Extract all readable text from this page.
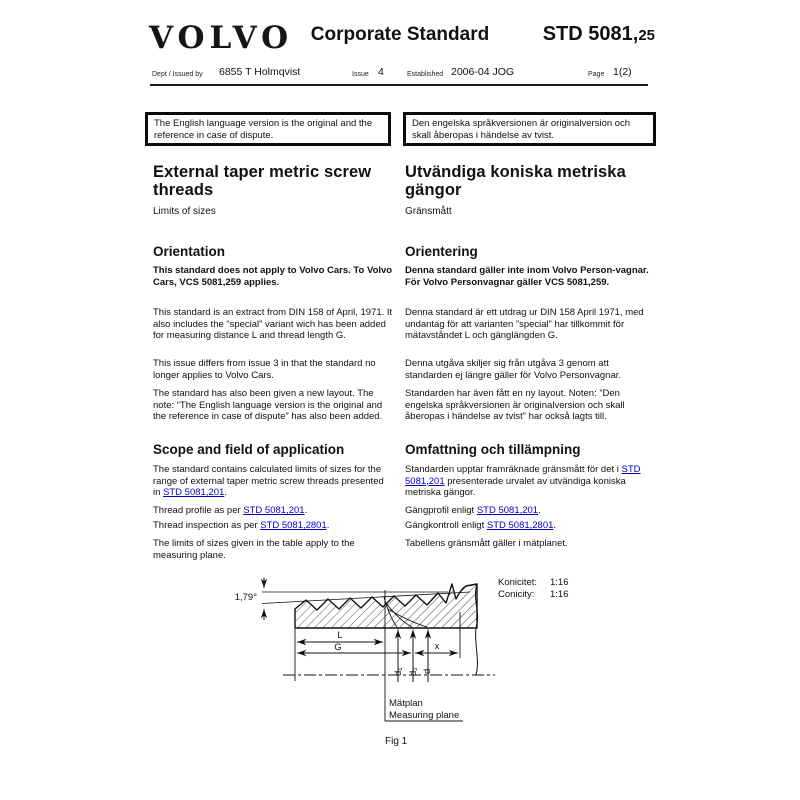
VOLVO Corporate Standard	STD 5081,25
Dept / Issued by 6855 T Holmqvist	Issue 4	Established 2006-04 JOG	Page 1(2)
The English language version is the original and the reference in case of dispute.
Den engelska språkversionen är originalversion och skall åberopas i händelse av tvist.
External taper metric screw threads
Limits of sizes
Orientation
This standard does not apply to Volvo Cars. To Volvo Cars, VCS 5081,259 applies.
This standard is an extract from DIN 158 of April, 1971. It also includes the “special” variant wich has been added for measuring distance L and thread length G.
This issue differs from issue 3 in that the standard no longer applies to Volvo Cars.
The standard has also been given a new layout. The note: “The English language version is the original and the reference in case of dispute” has also been added.
Scope and field of application
The standard contains calculated limits of sizes for the range of external taper metric screw threads presented in STD 5081,201.
Thread profile as per STD 5081,201.
Thread inspection as per STD 5081,2801.
The limits of sizes given in the table apply to the measuring plane.
Utvändiga koniska metriska gängor
Gränsmått
Orientering
Denna standard gäller inte inom Volvo Person-vagnar. För Volvo Personvagnar gäller VCS 5081,259.
Denna standard är ett utdrag ur DIN 158 April 1971, med undantag för att varianten ”special” har tillkommit för mätavståndet L och gänglängden G.
Denna utgåva skiljer sig från utgåva 3 genom att standarden ej längre gäller för Volvo Personvagnar.
Standarden har även fått en ny layout. Noten: ”Den engelska språkversionen är originalversion och skall åberopas i händelse av tvist” har också lagts till.
Omfattning och tillämpning
Standarden upptar framräknade gränsmått för det i STD 5081,201 presenterade urvalet av utvändiga koniska metriska gängor.
Gängprofil enligt STD 5081,201.
Gängkontroll enligt STD 5081,2801.
Tabellens gränsmått gäller i mätplanet.
1,79°
L
G	x
d₁ d₂ d
Mätplan
Measuring plane
Konicitet: 1:16
Conicity: 1:16
Fig 1
